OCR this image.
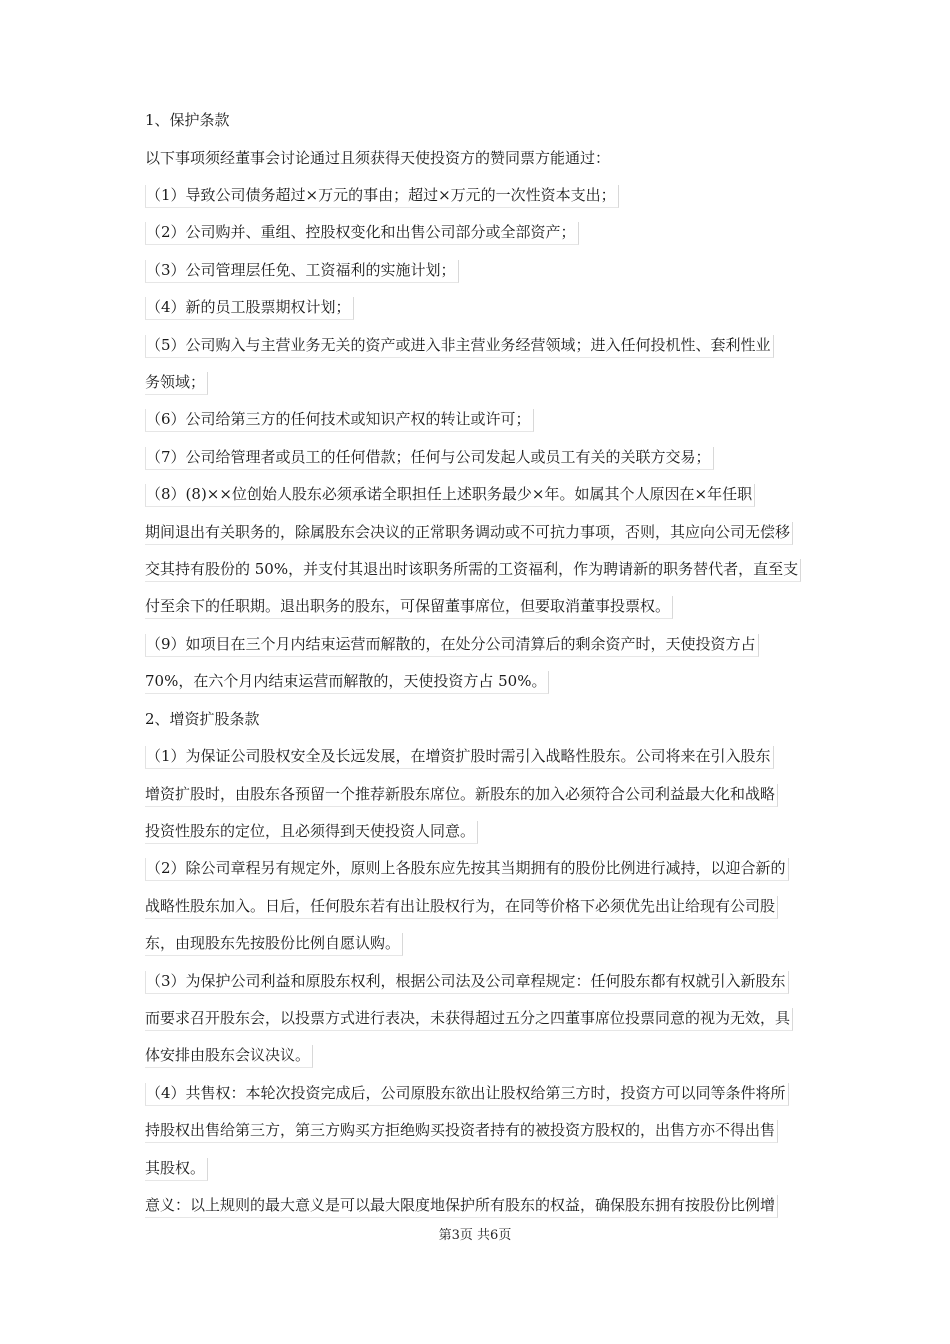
1、保护条款
以下事项须经董事会讨论通过且须获得天使投资方的赞同票方能通过：
（1）导致公司债务超过×万元的事由；超过×万元的一次性资本支出；
（2）公司购并、重组、控股权变化和出售公司部分或全部资产；
（3）公司管理层任免、工资福利的实施计划；
（4）新的员工股票期权计划；
（5）公司购入与主营业务无关的资产或进入非主营业务经营领域；进入任何投机性、套利性业
务领域；
（6）公司给第三方的任何技术或知识产权的转让或许可；
（7）公司给管理者或员工的任何借款；任何与公司发起人或员工有关的关联方交易；
（8）(8)××位创始人股东必须承诺全职担任上述职务最少×年。如属其个人原因在×年任职
期间退出有关职务的，除属股东会决议的正常职务调动或不可抗力事项，否则，其应向公司无偿移
交其持有股份的 50%，并支付其退出时该职务所需的工资福利，作为聘请新的职务替代者，直至支
付至余下的任职期。退出职务的股东，可保留董事席位，但要取消董事投票权。
（9）如项目在三个月内结束运营而解散的，在处分公司清算后的剩余资产时，天使投资方占
70%，在六个月内结束运营而解散的，天使投资方占 50%。
2、增资扩股条款
（1）为保证公司股权安全及长远发展，在增资扩股时需引入战略性股东。公司将来在引入股东
增资扩股时，由股东各预留一个推荐新股东席位。新股东的加入必须符合公司利益最大化和战略
投资性股东的定位，且必须得到天使投资人同意。
（2）除公司章程另有规定外，原则上各股东应先按其当期拥有的股份比例进行减持，以迎合新的
战略性股东加入。日后，任何股东若有出让股权行为，在同等价格下必须优先出让给现有公司股
东，由现股东先按股份比例自愿认购。
（3）为保护公司利益和原股东权利，根据公司法及公司章程规定：任何股东都有权就引入新股东
而要求召开股东会，以投票方式进行表决，未获得超过五分之四董事席位投票同意的视为无效，具
体安排由股东会议决议。
（4）共售权：本轮次投资完成后，公司原股东欲出让股权给第三方时，投资方可以同等条件将所
持股权出售给第三方，第三方购买方拒绝购买投资者持有的被投资方股权的，出售方亦不得出售
其股权。
意义：以上规则的最大意义是可以最大限度地保护所有股东的权益，确保股东拥有按股份比例增
第3页 共6页
